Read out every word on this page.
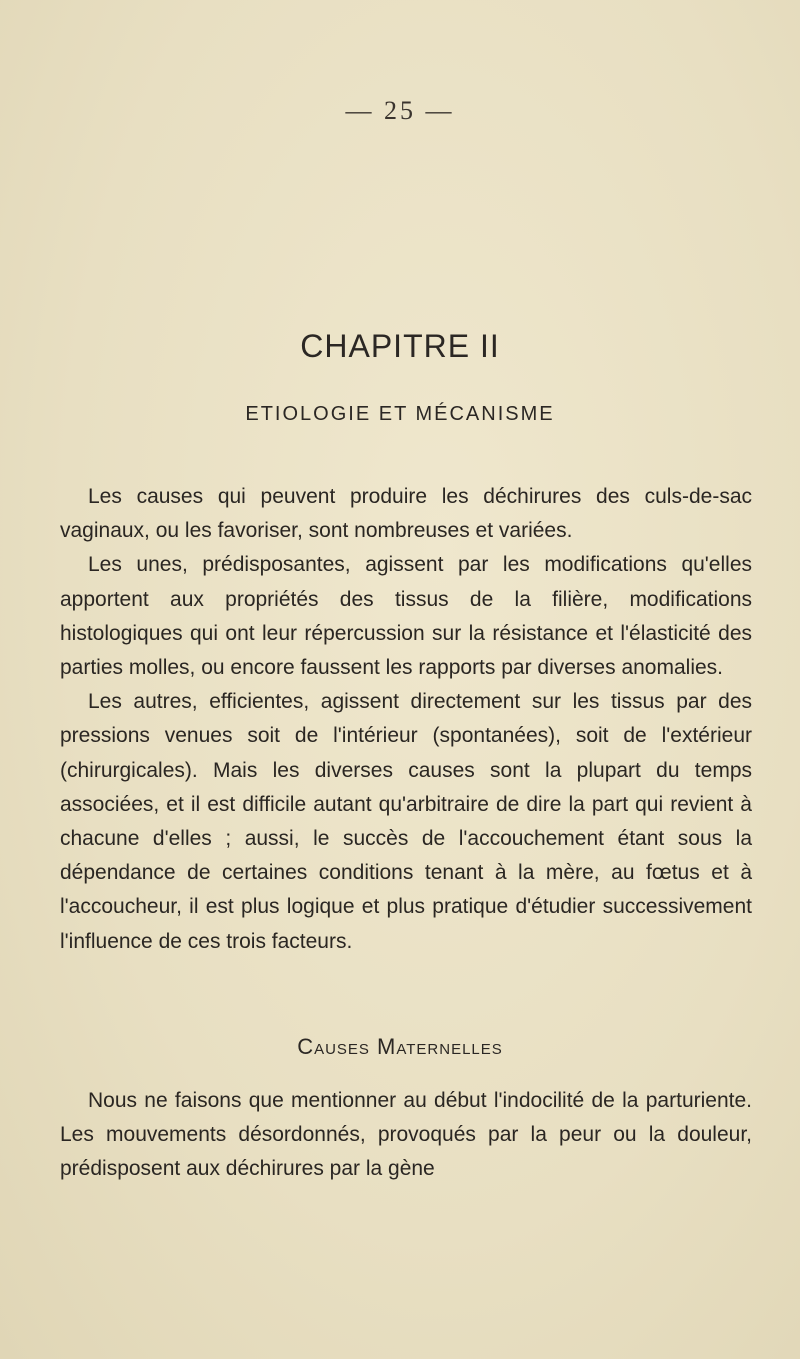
— 25 —
CHAPITRE II
ETIOLOGIE ET MÉCANISME

Les causes qui peuvent produire les déchirures des culs-de-sac vaginaux, ou les favoriser, sont nombreuses et variées.

Les unes, prédisposantes, agissent par les modifications qu'elles apportent aux propriétés des tissus de la filière, modifications histologiques qui ont leur répercussion sur la résistance et l'élasticité des parties molles, ou encore faussent les rapports par diverses anomalies.

Les autres, efficientes, agissent directement sur les tissus par des pressions venues soit de l'intérieur (spontanées), soit de l'extérieur (chirurgicales). Mais les diverses causes sont la plupart du temps associées, et il est difficile autant qu'arbitraire de dire la part qui revient à chacune d'elles ; aussi, le succès de l'accouchement étant sous la dépendance de certaines conditions tenant à la mère, au fœtus et à l'accoucheur, il est plus logique et plus pratique d'étudier successivement l'influence de ces trois facteurs.

Causes Maternelles

Nous ne faisons que mentionner au début l'indocilité de la parturiente. Les mouvements désordonnés, provoqués par la peur ou la douleur, prédisposent aux déchirures par la gène
